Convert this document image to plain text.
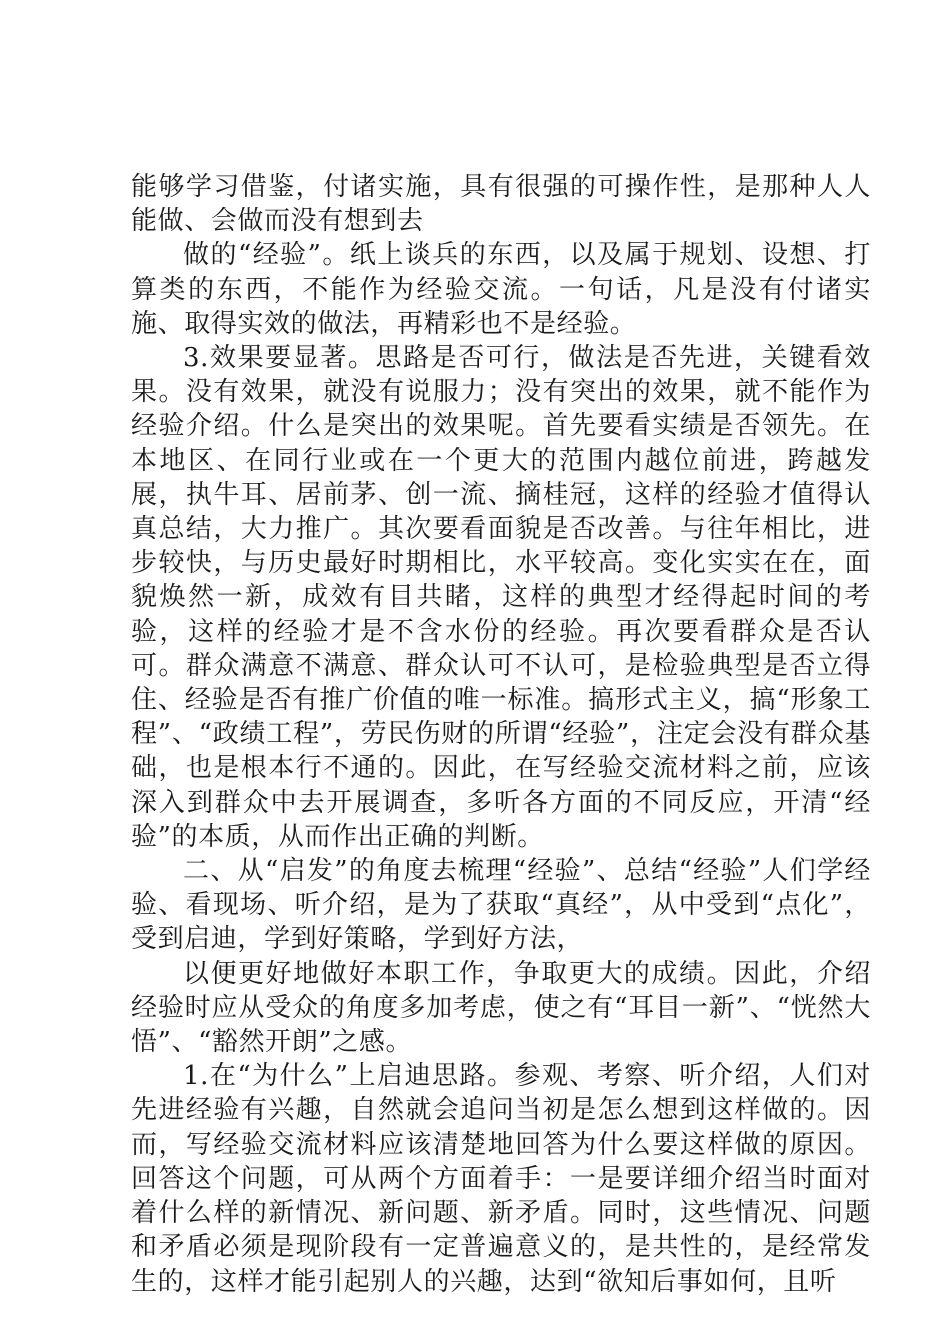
能够学习借鉴，付诸实施，具有很强的可操作性，是那种人人能做、会做而没有想到去

做的“经验”。纸上谈兵的东西，以及属于规划、设想、打算类的东西，不能作为经验交流。一句话，凡是没有付诸实施、取得实效的做法，再精彩也不是经验。

3.效果要显著。思路是否可行，做法是否先进，关键看效果。没有效果，就没有说服力；没有突出的效果，就不能作为经验介绍。什么是突出的效果呢。首先要看实绩是否领先。在本地区、在同行业或在一个更大的范围内越位前进，跨越发展，执牛耳、居前茅、创一流、摘桂冠，这样的经验才值得认真总结，大力推广。其次要看面貌是否改善。与往年相比，进步较快，与历史最好时期相比，水平较高。变化实实在在，面貌焕然一新，成效有目共睹，这样的典型才经得起时间的考验，这样的经验才是不含水份的经验。再次要看群众是否认可。群众满意不满意、群众认可不认可，是检验典型是否立得住、经验是否有推广价值的唯一标准。搞形式主义，搞“形象工程”、“政绩工程”，劳民伤财的所谓“经验”，注定会没有群众基础，也是根本行不通的。因此，在写经验交流材料之前，应该深入到群众中去开展调查，多听各方面的不同反应，开清“经验”的本质，从而作出正确的判断。

二、从“启发”的角度去梳理“经验”、总结“经验”人们学经验、看现场、听介绍，是为了获取“真经”，从中受到“点化”，受到启迪，学到好策略，学到好方法，

以便更好地做好本职工作，争取更大的成绩。因此，介绍经验时应从受众的角度多加考虑，使之有“耳目一新”、“恍然大悟”、“豁然开朗”之感。

1.在“为什么”上启迪思路。参观、考察、听介绍，人们对先进经验有兴趣，自然就会追问当初是怎么想到这样做的。因而，写经验交流材料应该清楚地回答为什么要这样做的原因。回答这个问题，可从两个方面着手：一是要详细介绍当时面对着什么样的新情况、新问题、新矛盾。同时，这些情况、问题和矛盾必须是现阶段有一定普遍意义的，是共性的，是经常发生的，这样才能引起别人的兴趣，达到“欲知后事如何，且听
